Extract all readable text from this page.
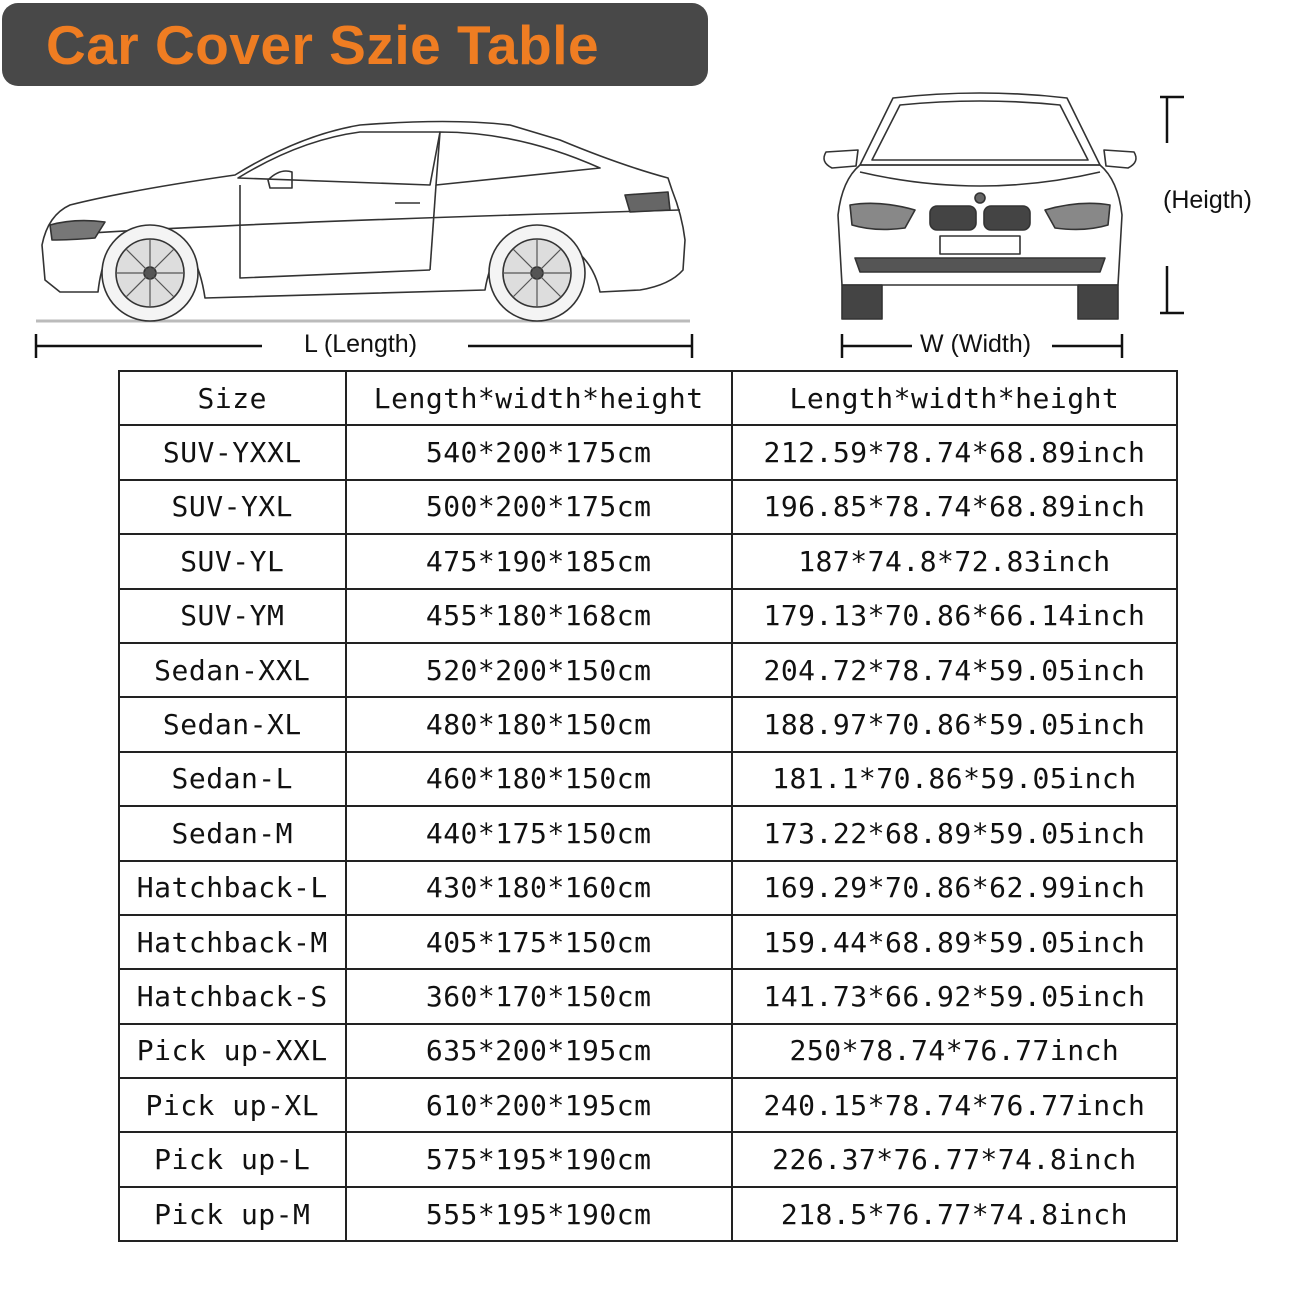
Car Cover Szie Table
L (Length)	W (Width)
(Heigth)
Size	Length*width*height	Length*width*height
SUV-YXXL	540*200*175cm	212.59*78.74*68.89inch
SUV-YXL	500*200*175cm	196.85*78.74*68.89inch
SUV-YL	475*190*185cm	187*74.8*72.83inch
SUV-YM	455*180*168cm	179.13*70.86*66.14inch
Sedan-XXL	520*200*150cm	204.72*78.74*59.05inch
Sedan-XL	480*180*150cm	188.97*70.86*59.05inch
Sedan-L	460*180*150cm	181.1*70.86*59.05inch
Sedan-M	440*175*150cm	173.22*68.89*59.05inch
Hatchback-L	430*180*160cm	169.29*70.86*62.99inch
Hatchback-M	405*175*150cm	159.44*68.89*59.05inch
Hatchback-S	360*170*150cm	141.73*66.92*59.05inch
Pick up-XXL	635*200*195cm	250*78.74*76.77inch
Pick up-XL	610*200*195cm	240.15*78.74*76.77inch
Pick up-L	575*195*190cm	226.37*76.77*74.8inch
Pick up-M	555*195*190cm	218.5*76.77*74.8inch
